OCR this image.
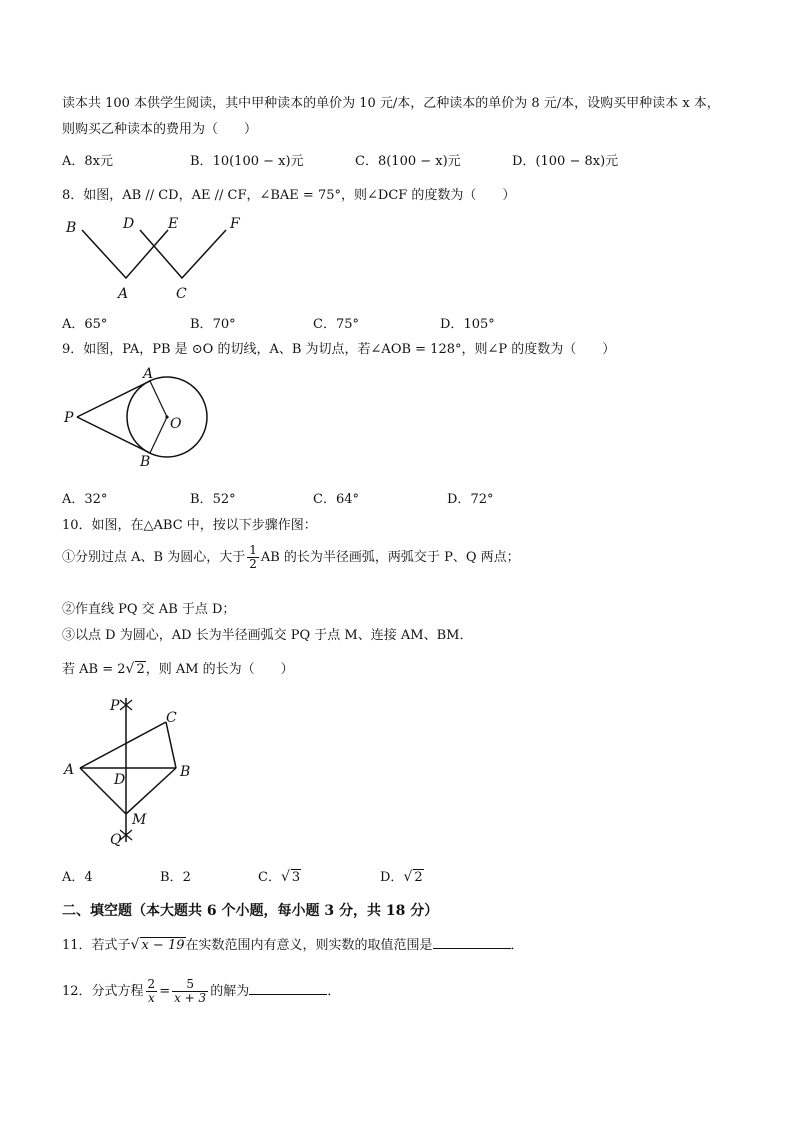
读本共 100 本供学生阅读，其中甲种读本的单价为 10 元/本，乙种读本的单价为 8 元/本，设购买甲种读本 x 本，
则购买乙种读本的费用为（　　）
A．8x元	B．10(100 − x)元	C．8(100 − x)元	D．(100 − 8x)元
8．如图，AB // CD，AE // CF，∠BAE = 75°，则∠DCF 的度数为（　　）
B	D E	F
A	C
A．65°	B．70°	C．75°	D．105°
9．如图，PA，PB 是 ⊙O 的切线，A、B 为切点，若∠AOB = 128°，则∠P 的度数为（　　）
A
P	O
B
A．32°	B．52°	C．64°	D．72°
10．如图，在△ABC 中，按以下步骤作图：
①分别过点 A、B 为圆心，大于 $\frac{1}{2}$ AB 的长为半径画弧，两弧交于 P、Q 两点；
②作直线 PQ 交 AB 于点 D；
③以点 D 为圆心，AD 长为半径画弧交 PQ 于点 M、连接 AM、BM．
若 AB = 2√ 2，则 AM 的长为（　　）
P
C
A
D	B
M
Q
A．4	B．2	C．√ 3	D．√ 2
二、填空题（本大题共 6 个小题，每小题 3 分，共 18 分）
11．若式子√ x − 19在实数范围内有意义，则实数的取值范围是	．
12．分式方程 $\frac{2}{x} = \frac{5}{x + 3}$ 的解为	．
